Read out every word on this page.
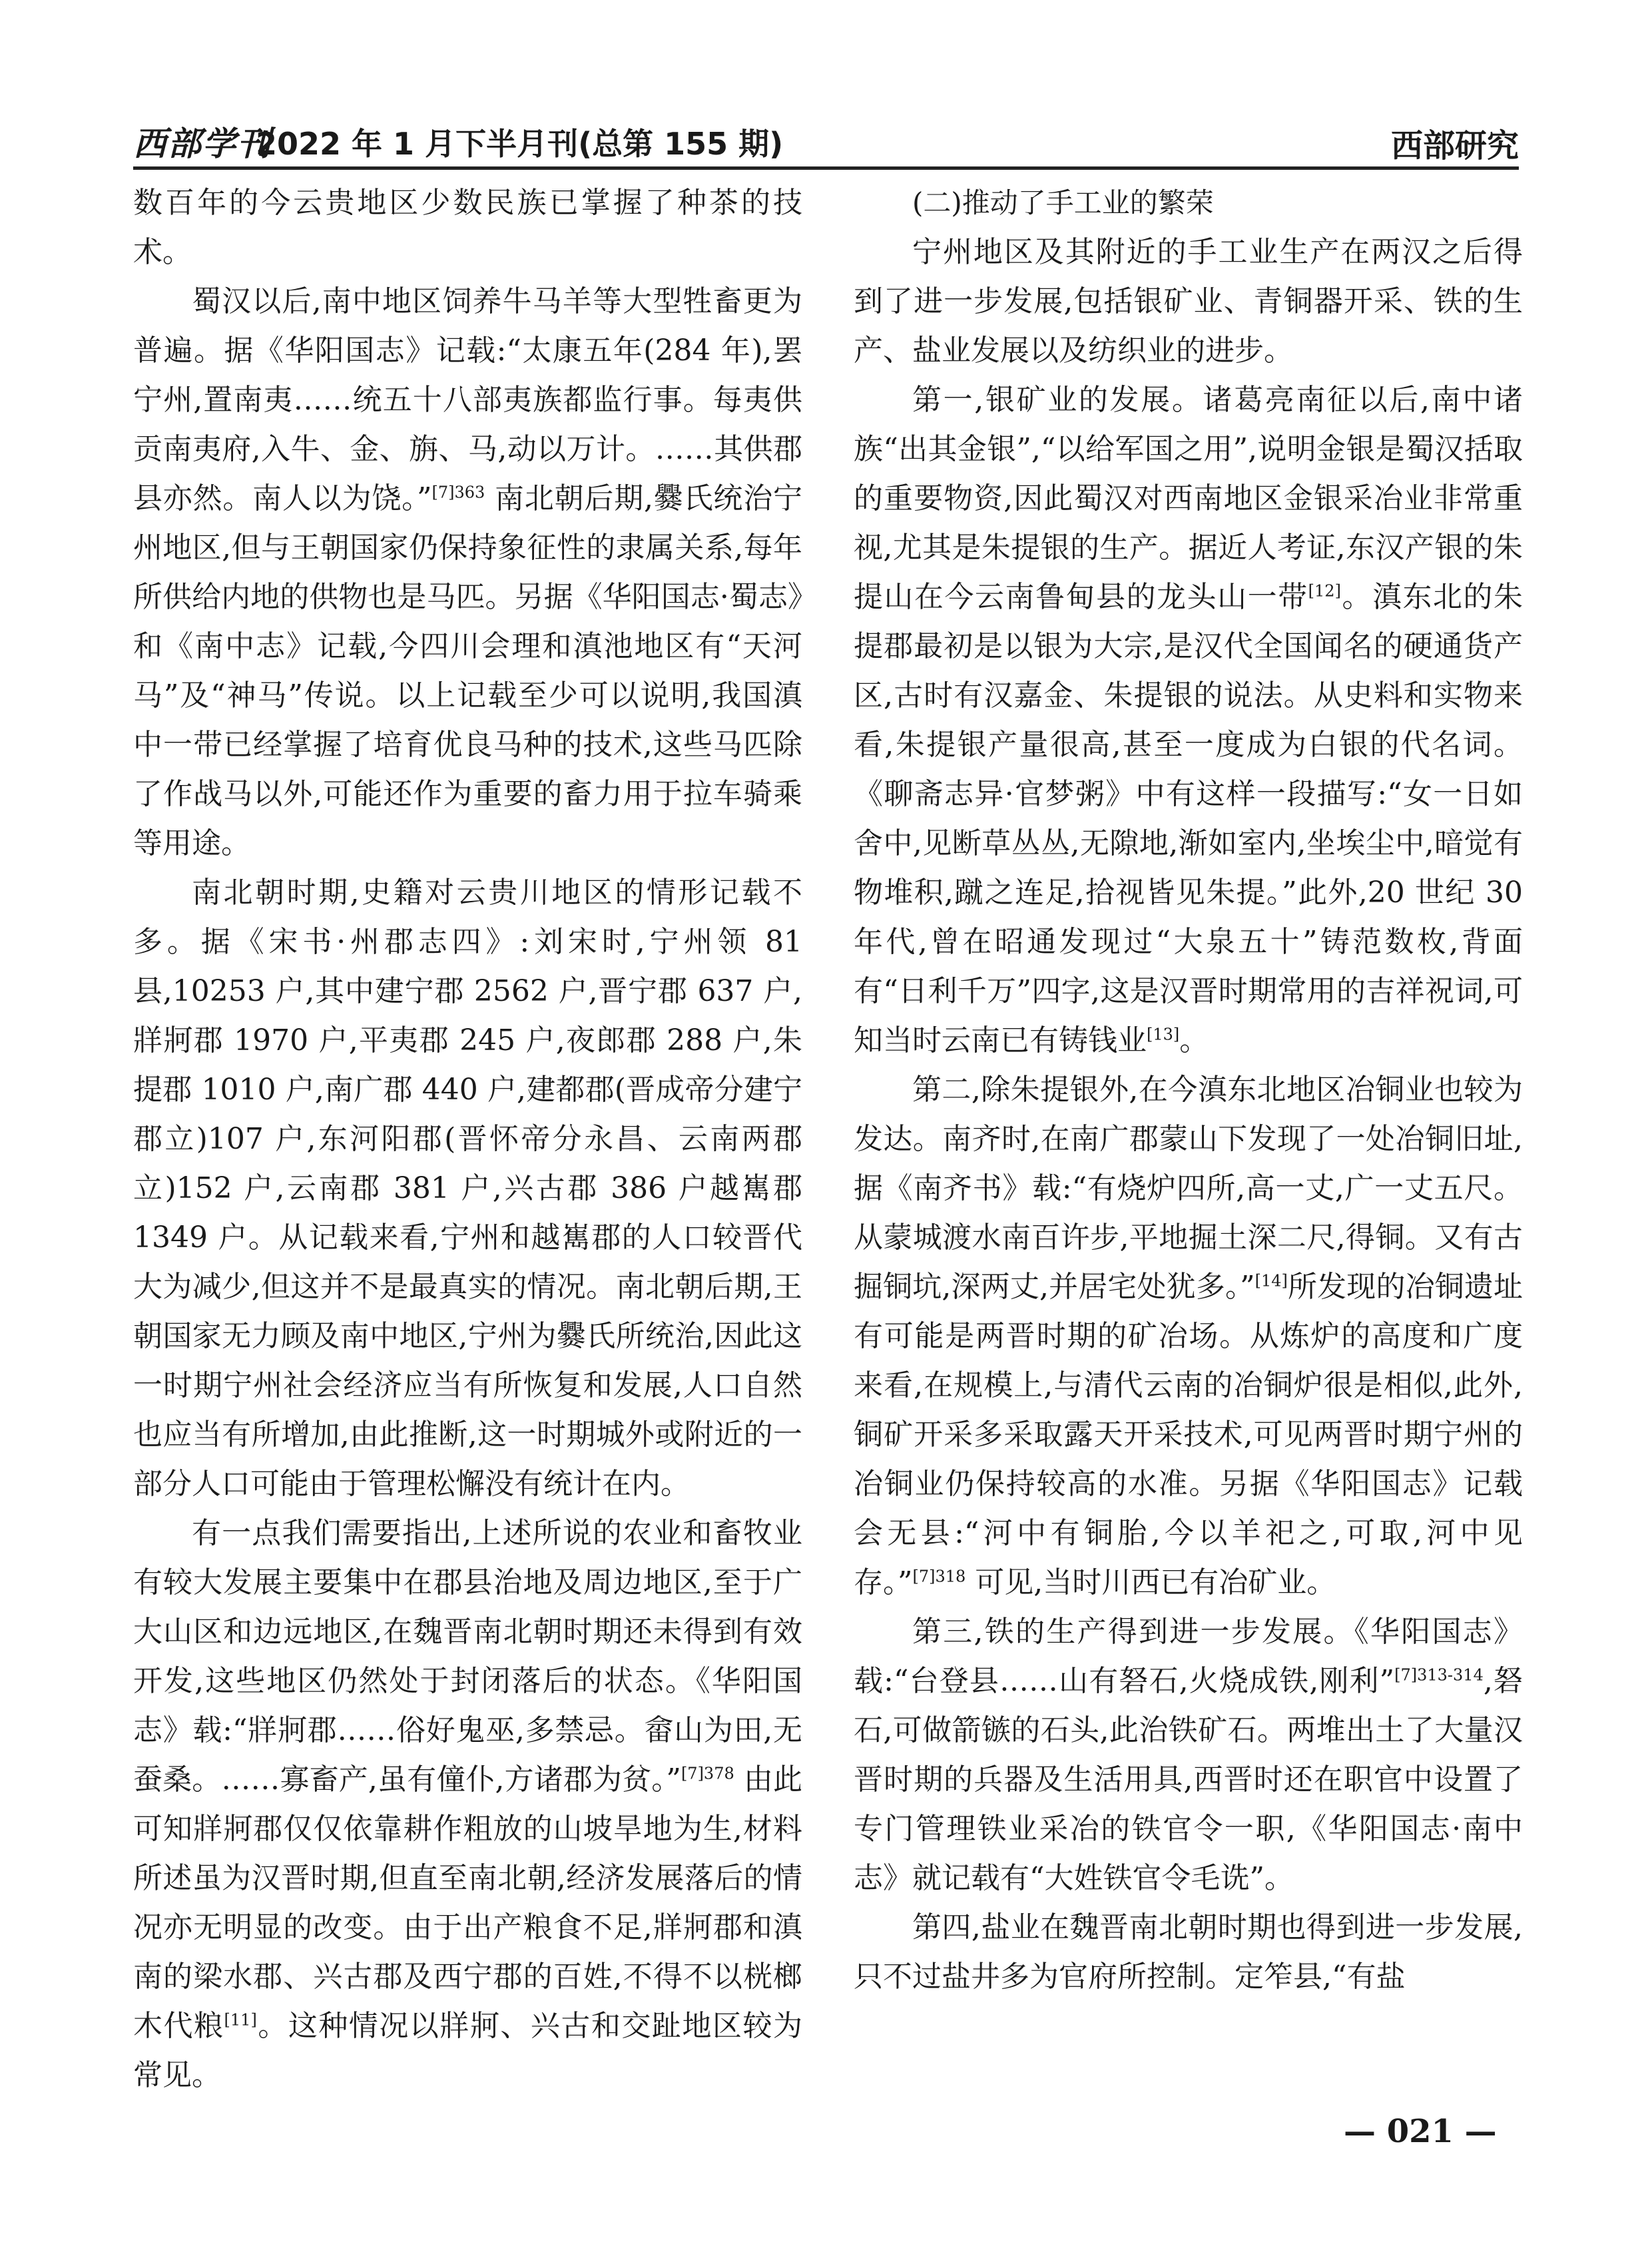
西部学刊
2022 年 1 月下半月刊(总第 155 期)	西部研究

数百年的今云贵地区少数民族已掌握了种茶的技术。

蜀汉以后,南中地区饲养牛马羊等大型牲畜更为普遍。据《华阳国志》记载:“太康五年(284 年),罢宁州,置南夷……统五十八部夷族都监行事。每夷供贡南夷府,入牛、金、旃、马,动以万计。……其供郡县亦然。南人以为饶。”$^{[7]363}$ 南北朝后期,爨氏统治宁州地区,但与王朝国家仍保持象征性的隶属关系,每年所供给内地的供物也是马匹。另据《华阳国志·蜀志》和《南中志》记载,今四川会理和滇池地区有“天河马”及“神马”传说。以上记载至少可以说明,我国滇中一带已经掌握了培育优良马种的技术,这些马匹除了作战马以外,可能还作为重要的畜力用于拉车骑乘等用途。

南北朝时期,史籍对云贵川地区的情形记载不多。据《宋书·州郡志四》:刘宋时,宁州领 81 县,10253 户,其中建宁郡 2562 户,晋宁郡 637 户,牂牁郡 1970 户,平夷郡 245 户,夜郎郡 288 户,朱提郡 1010 户,南广郡 440 户,建都郡(晋成帝分建宁郡立)107 户,东河阳郡(晋怀帝分永昌、云南两郡立)152 户,云南郡 381 户,兴古郡 386 户越嶲郡 1349 户。从记载来看,宁州和越嶲郡的人口较晋代大为减少,但这并不是最真实的情况。南北朝后期,王朝国家无力顾及南中地区,宁州为爨氏所统治,因此这一时期宁州社会经济应当有所恢复和发展,人口自然也应当有所增加,由此推断,这一时期城外或附近的一部分人口可能由于管理松懈没有统计在内。

有一点我们需要指出,上述所说的农业和畜牧业有较大发展主要集中在郡县治地及周边地区,至于广大山区和边远地区,在魏晋南北朝时期还未得到有效开发,这些地区仍然处于封闭落后的状态。《华阳国志》载:“牂牁郡……俗好鬼巫,多禁忌。畲山为田,无蚕桑。……寡畜产,虽有僮仆,方诸郡为贫。”$^{[7]378}$ 由此可知牂牁郡仅仅依靠耕作粗放的山坡旱地为生,材料所述虽为汉晋时期,但直至南北朝,经济发展落后的情况亦无明显的改变。由于出产粮食不足,牂牁郡和滇南的梁水郡、兴古郡及西宁郡的百姓,不得不以桄榔木代粮[11]。这种情况以牂牁、兴古和交趾地区较为常见。

(二)推动了手工业的繁荣

宁州地区及其附近的手工业生产在两汉之后得到了进一步发展,包括银矿业、青铜器开采、铁的生产、盐业发展以及纺织业的进步。

第一,银矿业的发展。诸葛亮南征以后,南中诸族“出其金银”,“以给军国之用”,说明金银是蜀汉括取的重要物资,因此蜀汉对西南地区金银采冶业非常重视,尤其是朱提银的生产。据近人考证,东汉产银的朱提山在今云南鲁甸县的龙头山一带[12]。滇东北的朱提郡最初是以银为大宗,是汉代全国闻名的硬通货产区,古时有汉嘉金、朱提银的说法。从史料和实物来看,朱提银产量很高,甚至一度成为白银的代名词。《聊斋志异·官梦粥》中有这样一段描写:“女一日如舍中,见断草丛丛,无隙地,渐如室内,坐埃尘中,暗觉有物堆积,蹴之连足,拾视皆见朱提。”此外,20 世纪 30 年代,曾在昭通发现过“大泉五十”铸范数枚,背面有“日利千万”四字,这是汉晋时期常用的吉祥祝词,可知当时云南已有铸钱业[13]。

第二,除朱提银外,在今滇东北地区冶铜业也较为发达。南齐时,在南广郡蒙山下发现了一处冶铜旧址,据《南齐书》载:“有烧炉四所,高一丈,广一丈五尺。从蒙城渡水南百许步,平地掘土深二尺,得铜。又有古掘铜坑,深两丈,并居宅处犹多。”[14]所发现的冶铜遗址有可能是两晋时期的矿冶场。从炼炉的高度和广度来看,在规模上,与清代云南的冶铜炉很是相似,此外,铜矿开采多采取露天开采技术,可见两晋时期宁州的冶铜业仍保持较高的水准。另据《华阳国志》记载会无县:“河中有铜胎,今以羊祀之,可取,河中见存。”$^{[7]318}$ 可见,当时川西已有冶矿业。

第三,铁的生产得到进一步发展。《华阳国志》载:“台登县……山有砮石,火烧成铁,刚利”$^{[7]313-314}$,砮石,可做箭镞的石头,此治铁矿石。两堆出土了大量汉晋时期的兵器及生活用具,西晋时还在职官中设置了专门管理铁业采冶的铁官令一职,《华阳国志·南中志》就记载有“大姓铁官令毛诜”。

第四,盐业在魏晋南北朝时期也得到进一步发展,只不过盐井多为官府所控制。定笮县,“有盐

— 021 —
